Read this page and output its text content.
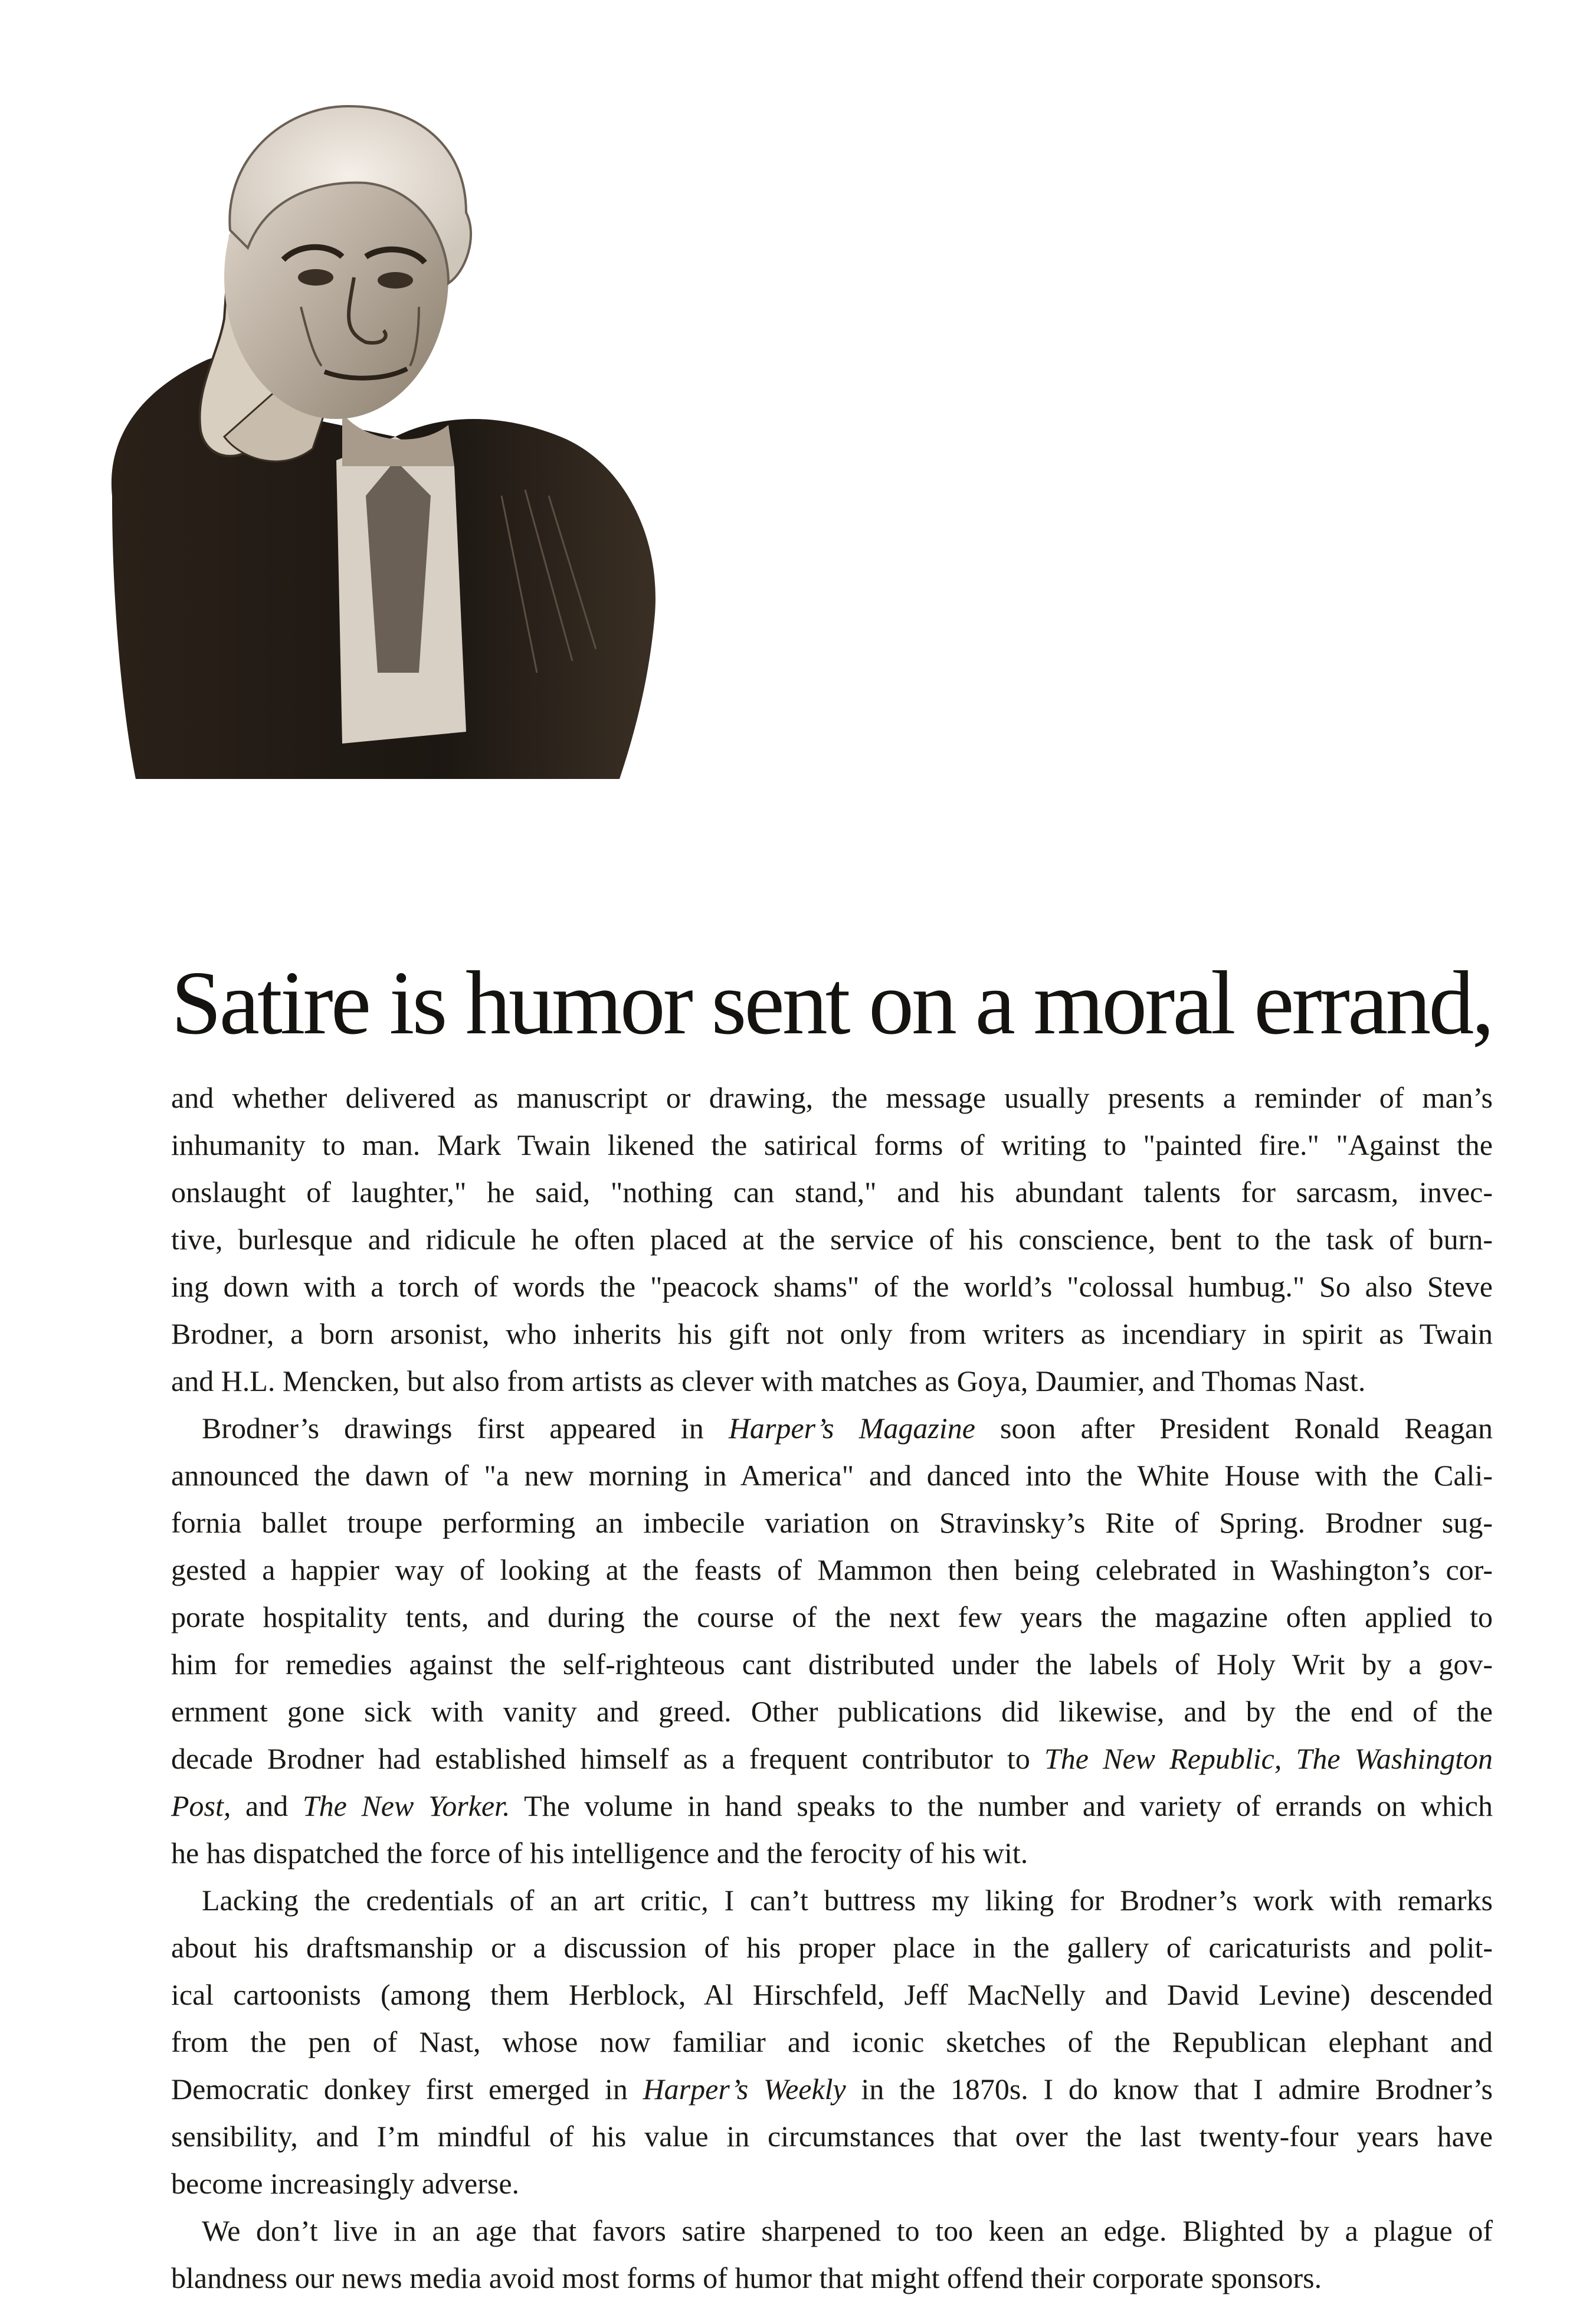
Satire is humor sent on a moral errand,
and whether delivered as manuscript or drawing, the message usually presents a reminder of man’s
inhumanity to man. Mark Twain likened the satirical forms of writing to "painted fire." "Against the
onslaught of laughter," he said, "nothing can stand," and his abundant talents for sarcasm, invec-
tive, burlesque and ridicule he often placed at the service of his conscience, bent to the task of burn-
ing down with a torch of words the "peacock shams" of the world’s "colossal humbug." So also Steve
Brodner, a born arsonist, who inherits his gift not only from writers as incendiary in spirit as Twain
and H.L. Mencken, but also from artists as clever with matches as Goya, Daumier, and Thomas Nast.
Brodner’s drawings first appeared in Harper’s Magazine soon after President Ronald Reagan
announced the dawn of "a new morning in America" and danced into the White House with the Cali-
fornia ballet troupe performing an imbecile variation on Stravinsky’s Rite of Spring. Brodner sug-
gested a happier way of looking at the feasts of Mammon then being celebrated in Washington’s cor-
porate hospitality tents, and during the course of the next few years the magazine often applied to
him for remedies against the self-righteous cant distributed under the labels of Holy Writ by a gov-
ernment gone sick with vanity and greed. Other publications did likewise, and by the end of the
decade Brodner had established himself as a frequent contributor to The New Republic, The Washington
Post, and The New Yorker. The volume in hand speaks to the number and variety of errands on which
he has dispatched the force of his intelligence and the ferocity of his wit.
Lacking the credentials of an art critic, I can’t buttress my liking for Brodner’s work with remarks
about his draftsmanship or a discussion of his proper place in the gallery of caricaturists and polit-
ical cartoonists (among them Herblock, Al Hirschfeld, Jeff MacNelly and David Levine) descended
from the pen of Nast, whose now familiar and iconic sketches of the Republican elephant and
Democratic donkey first emerged in Harper’s Weekly in the 1870s. I do know that I admire Brodner’s
sensibility, and I’m mindful of his value in circumstances that over the last twenty-four years have
become increasingly adverse.
We don’t live in an age that favors satire sharpened to too keen an edge. Blighted by a plague of
blandness our news media avoid most forms of humor that might offend their corporate sponsors.
